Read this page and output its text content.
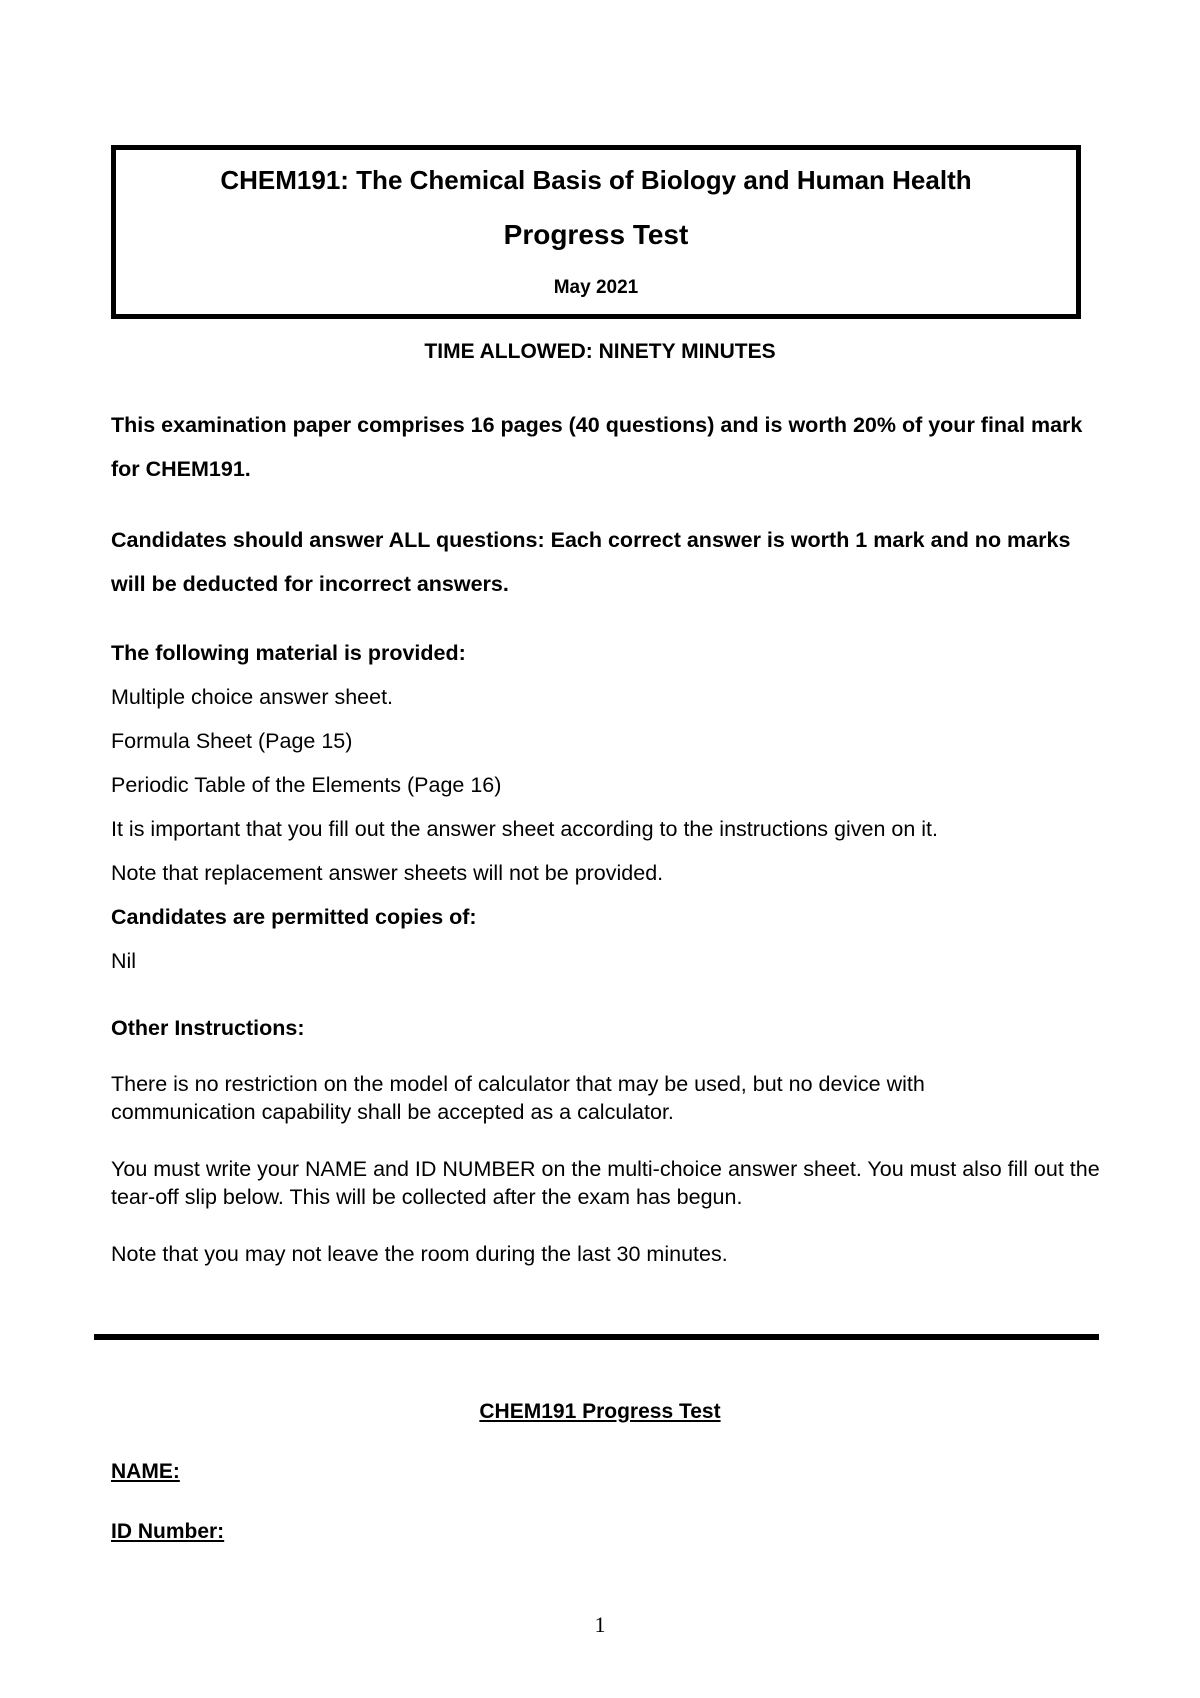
CHEM191: The Chemical Basis of Biology and Human Health
Progress Test
May 2021
TIME ALLOWED: NINETY MINUTES

This examination paper comprises 16 pages (40 questions) and is worth 20% of your final mark for CHEM191.

Candidates should answer ALL questions: Each correct answer is worth 1 mark and no marks will be deducted for incorrect answers.

The following material is provided:
Multiple choice answer sheet.
Formula Sheet (Page 15)
Periodic Table of the Elements (Page 16)
It is important that you fill out the answer sheet according to the instructions given on it.
Note that replacement answer sheets will not be provided.
Candidates are permitted copies of:
Nil
Other Instructions:

There is no restriction on the model of calculator that may be used, but no device with communication capability shall be accepted as a calculator.

You must write your NAME and ID NUMBER on the multi-choice answer sheet. You must also fill out the tear-off slip below. This will be collected after the exam has begun.

Note that you may not leave the room during the last 30 minutes.

CHEM191 Progress Test
NAME:
ID Number:
1
